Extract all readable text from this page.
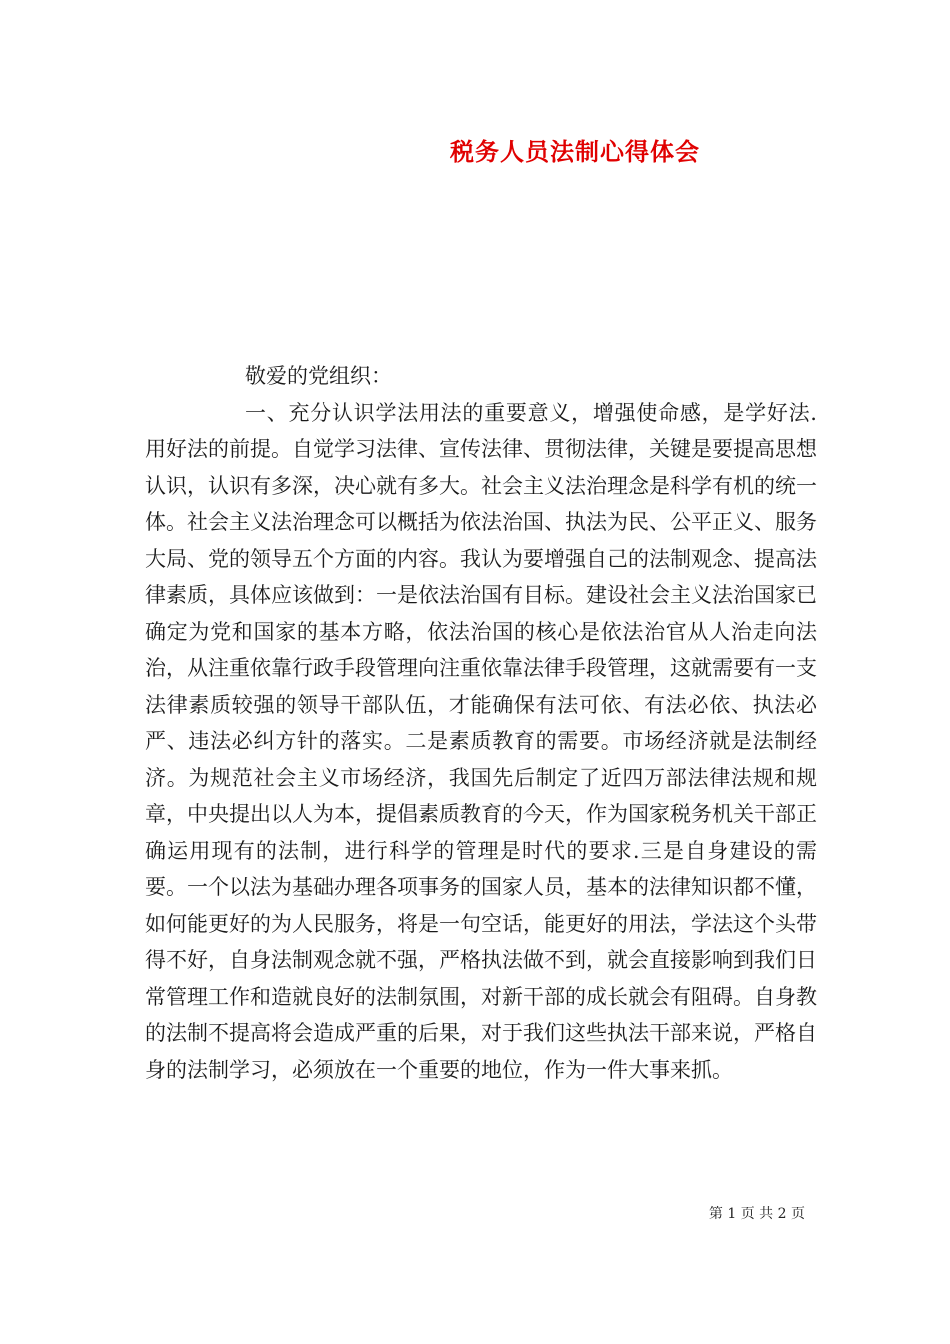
税务人员法制心得体会

敬爱的党组织：

一、充分认识学法用法的重要意义，增强使命感，是学好法.用好法的前提。自觉学习法律、宣传法律、贯彻法律，关键是要提高思想认识，认识有多深，决心就有多大。社会主义法治理念是科学有机的统一体。社会主义法治理念可以概括为依法治国、执法为民、公平正义、服务大局、党的领导五个方面的内容。我认为要增强自己的法制观念、提高法律素质，具体应该做到：一是依法治国有目标。建设社会主义法治国家已确定为党和国家的基本方略，依法治国的核心是依法治官从人治走向法治，从注重依靠行政手段管理向注重依靠法律手段管理，这就需要有一支法律素质较强的领导干部队伍，才能确保有法可依、有法必依、执法必严、违法必纠方针的落实。二是素质教育的需要。市场经济就是法制经济。为规范社会主义市场经济，我国先后制定了近四万部法律法规和规章，中央提出以人为本，提倡素质教育的今天，作为国家税务机关干部正确运用现有的法制，进行科学的管理是时代的要求.三是自身建设的需要。一个以法为基础办理各项事务的国家人员，基本的法律知识都不懂，如何能更好的为人民服务，将是一句空话，能更好的用法，学法这个头带得不好，自身法制观念就不强，严格执法做不到，就会直接影响到我们日常管理工作和造就良好的法制氛围，对新干部的成长就会有阻碍。自身教的法制不提高将会造成严重的后果，对于我们这些执法干部来说，严格自身的法制学习，必须放在一个重要的地位，作为一件大事来抓。

第 1 页 共 2 页
